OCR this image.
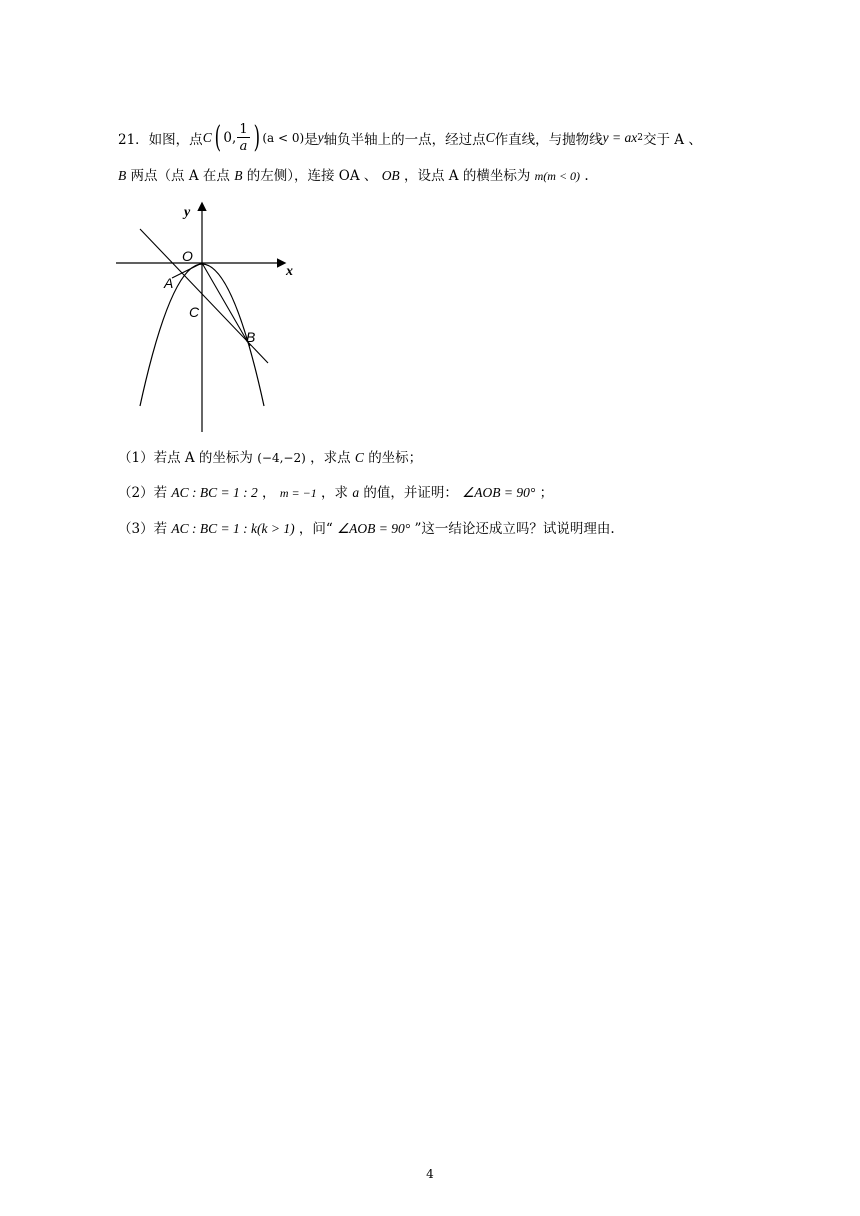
21．如图，点 C ( 0, $\frac{1}{a}$ ) (a < 0) 是 y 轴负半轴上的一点，经过点 C 作直线，与抛物线 y = ax 2 交于 A 、
B 两点（点 A 在点 B 的左侧），连接 OA 、 OB ，设点 A 的横坐标为 m(m < 0) .
y
x
O
A
C
B
（1）若点 A 的坐标为 (−4,−2) ，求点 C 的坐标；
（2）若 AC : BC = 1 : 2 ， m = −1 ，求 a 的值，并证明： ∠AOB = 90° ；
（3）若 AC : BC = 1 : k(k > 1) ，问“ ∠AOB = 90° ”这一结论还成立吗？试说明理由.
4
